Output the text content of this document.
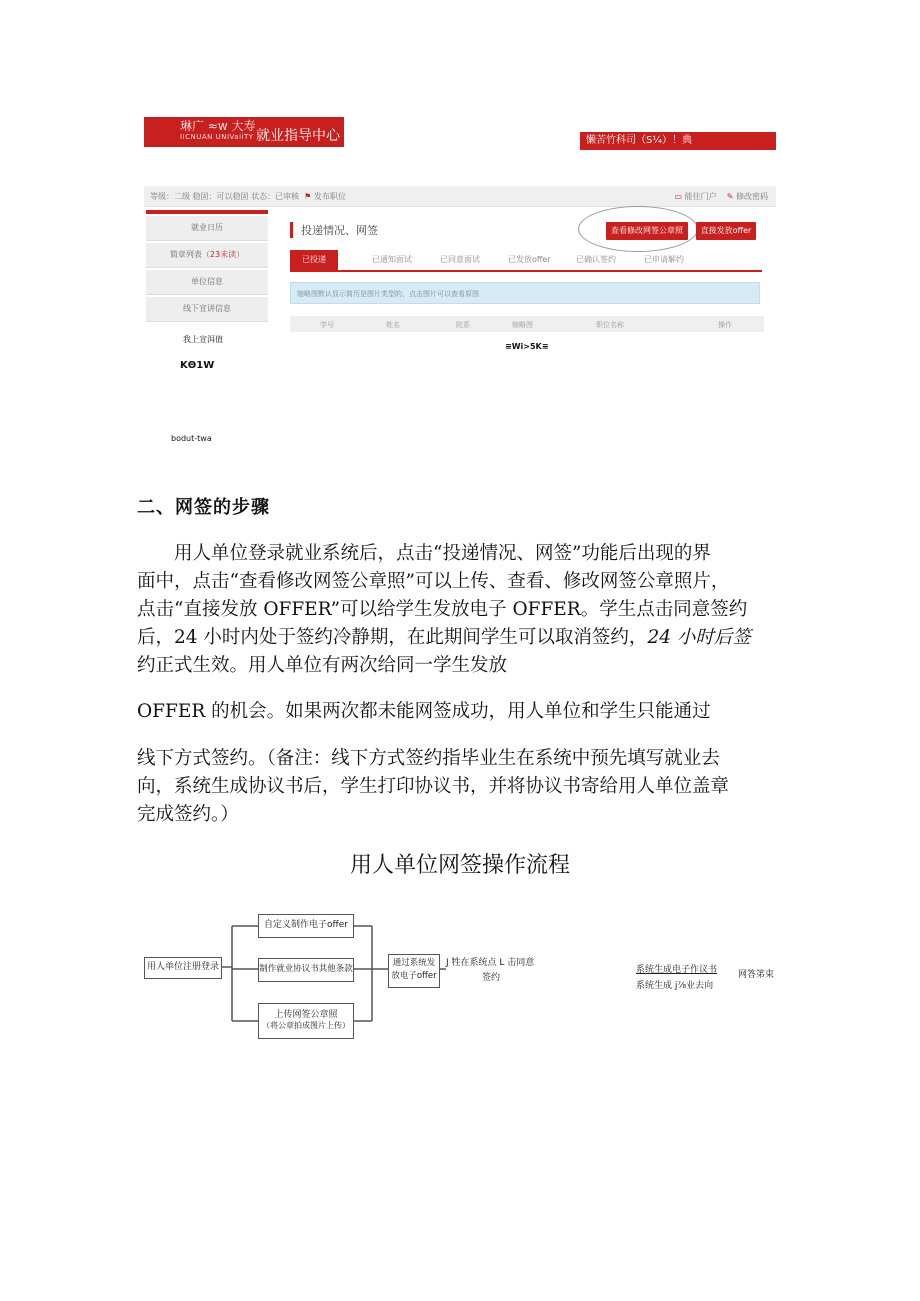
琳广 ≈w 大寿
IICNUAN UNIVaiiTY 就业指导中心	懒苦竹科司（S¼）！典
等级：二级 稳固：可以稳固 状态：已审核  ⚑ 发布职位	▭ 能往门户 ✎ 修改密码
就业日历
简章列表（23未读）
单位信息
线下宣讲信息
投递情况、网签	查看修改网签公章照	直接发放offer
已投递	已通知面试	已同意面试	已发放offer	已确认签约	已申请解约
缩略图默认显示简历是图片类型的，点击图片可以查看原图
学号	姓名	院系	缩略图	职位名称	操作
我上宣洱值
KΘ1W
bodut-twa
≡Wi>5K≡
二、网签的步骤
　　用人单位登录就业系统后，点击“投递情况、网签”功能后出现的界
面中，点击“查看修改网签公章照”可以上传、查看、修改网签公章照片，
点击“直接发放 OFFER”可以给学生发放电子 OFFER。学生点击同意签约
后，24 小时内处于签约冷静期，在此期间学生可以取消签约，24 小时后签
约正式生效。用人单位有两次给同一学生发放
OFFER 的机会。如果两次都未能网签成功，用人单位和学生只能通过
线下方式签约。（备注：线下方式签约指毕业生在系统中预先填写就业去
向，系统生成协议书后，学生打印协议书，并将协议书寄给用人单位盖章
完成签约。）
用人单位网签操作流程
用人单位注册登录
自定义制作电子offer
制作就业协议书其他条款
上传网签公章照
（将公章拍成图片上传）
通过系统发放电子offer
J 牲在系统点 L 击同意
签约
系统生成电子作议书
系统生成 j⅞业去向
网答笫束
